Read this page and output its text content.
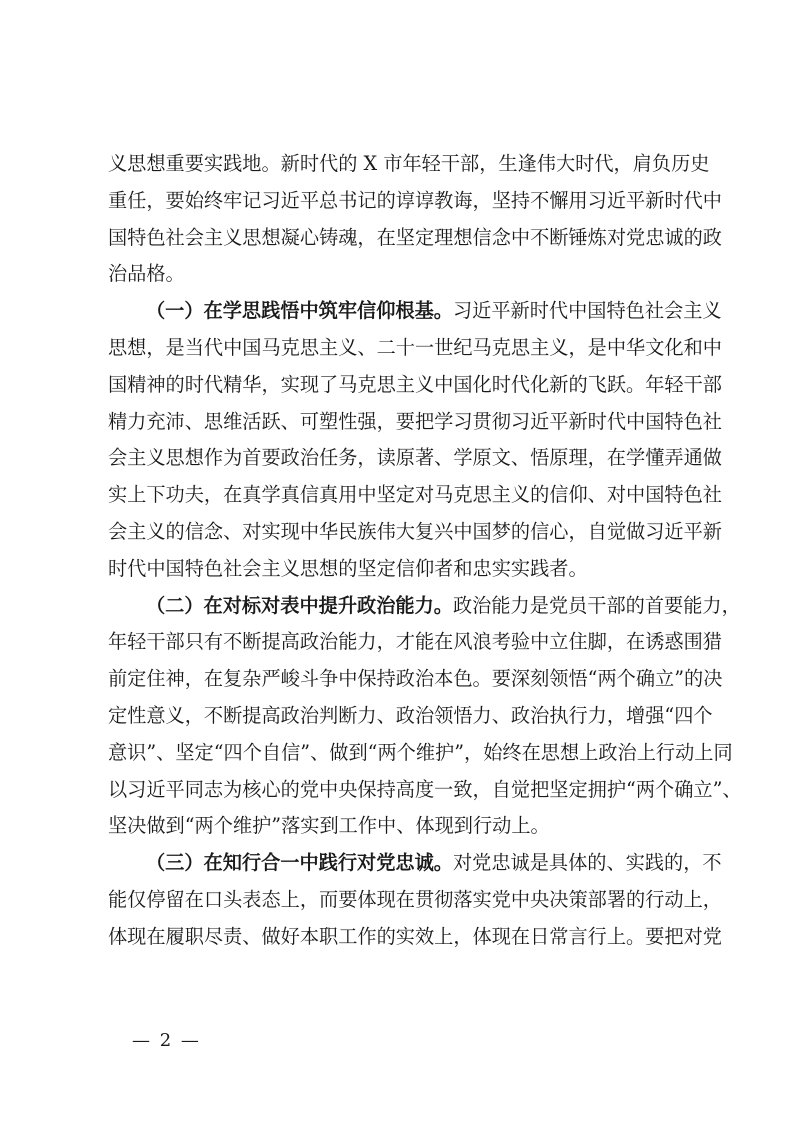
义思想重要实践地。新时代的 X 市年轻干部，生逢伟大时代，肩负历史
重任，要始终牢记习近平总书记的谆谆教诲，坚持不懈用习近平新时代中
国特色社会主义思想凝心铸魂，在坚定理想信念中不断锤炼对党忠诚的政
治品格。
（一）在学思践悟中筑牢信仰根基。习近平新时代中国特色社会主义
思想，是当代中国马克思主义、二十一世纪马克思主义，是中华文化和中
国精神的时代精华，实现了马克思主义中国化时代化新的飞跃。年轻干部
精力充沛、思维活跃、可塑性强，要把学习贯彻习近平新时代中国特色社
会主义思想作为首要政治任务，读原著、学原文、悟原理，在学懂弄通做
实上下功夫，在真学真信真用中坚定对马克思主义的信仰、对中国特色社
会主义的信念、对实现中华民族伟大复兴中国梦的信心，自觉做习近平新
时代中国特色社会主义思想的坚定信仰者和忠实实践者。
（二）在对标对表中提升政治能力。政治能力是党员干部的首要能力，
年轻干部只有不断提高政治能力，才能在风浪考验中立住脚，在诱惑围猎
前定住神，在复杂严峻斗争中保持政治本色。要深刻领悟“两个确立”的决
定性意义，不断提高政治判断力、政治领悟力、政治执行力，增强“四个
意识”、坚定“四个自信”、做到“两个维护”，始终在思想上政治上行动上同
以习近平同志为核心的党中央保持高度一致，自觉把坚定拥护“两个确立”、
坚决做到“两个维护”落实到工作中、体现到行动上。
（三）在知行合一中践行对党忠诚。对党忠诚是具体的、实践的，不
能仅停留在口头表态上，而要体现在贯彻落实党中央决策部署的行动上，
体现在履职尽责、做好本职工作的实效上，体现在日常言行上。要把对党
— 2 —
